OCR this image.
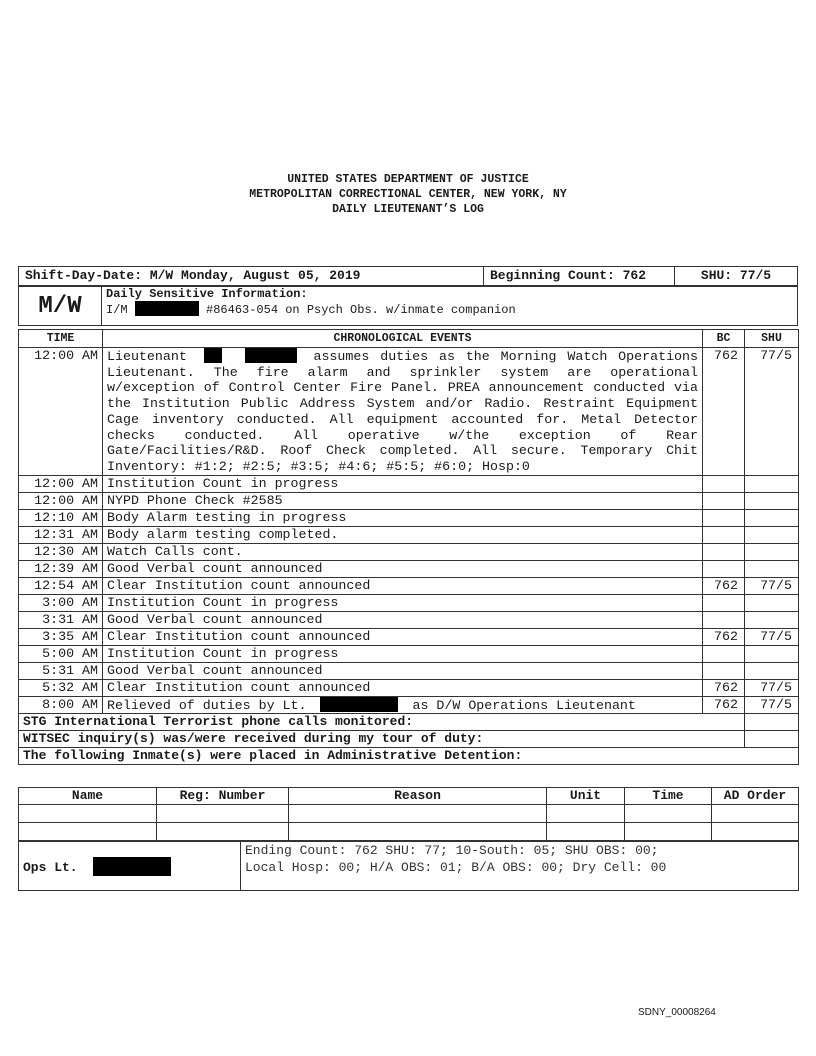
UNITED STATES DEPARTMENT OF JUSTICE
METROPOLITAN CORRECTIONAL CENTER, NEW YORK, NY
DAILY LIEUTENANT’S LOG
Shift-Day-Date: M/W Monday, August 05, 2019	Beginning Count: 762	SHU: 77/5
M/W	Daily Sensitive Information:
I/M	#86463-054 on Psych Obs. w/inmate companion
TIME	CHRONOLOGICAL EVENTS	BC	SHU
12:00 AM	Lieutenant assumes duties as the Morning Watch Operations Lieutenant. The fire alarm and sprinkler system are operational w/exception of Control Center Fire Panel. PREA announcement conducted via the Institution Public Address System and/or Radio. Restraint Equipment Cage inventory conducted. All equipment accounted for. Metal Detector checks conducted. All operative w/the exception of Rear Gate/Facilities/R&D. Roof Check completed. All secure. Temporary Chit Inventory: #1:2; #2:5; #3:5; #4:6; #5:5; #6:0; Hosp:0	762	77/5
12:00 AM	Institution Count in progress		
12:00 AM	NYPD Phone Check #2585		
12:10 AM	Body Alarm testing in progress		
12:31 AM	Body alarm testing completed.		
12:30 AM	Watch Calls cont.		
12:39 AM	Good Verbal count announced		
12:54 AM	Clear Institution count announced	762	77/5
3:00 AM	Institution Count in progress		
3:31 AM	Good Verbal count announced		
3:35 AM	Clear Institution count announced	762	77/5
5:00 AM	Institution Count in progress		
5:31 AM	Good Verbal count announced		
5:32 AM	Clear Institution count announced	762	77/5
8:00 AM	Relieved of duties by Lt. as D/W Operations Lieutenant	762	77/5
STG International Terrorist phone calls monitored:			
WITSEC inquiry(s) was/were received during my tour of duty:			
The following Inmate(s) were placed in Administrative Detention:			
Name	Reg: Number	Reason	Unit	Time	AD Order

Ops Lt.	
Ending Count: 762 SHU: 77; 10-South: 05; SHU OBS: 00;
Local Hosp: 00; H/A OBS: 01; B/A OBS: 00; Dry Cell: 00
SDNY_00008264
